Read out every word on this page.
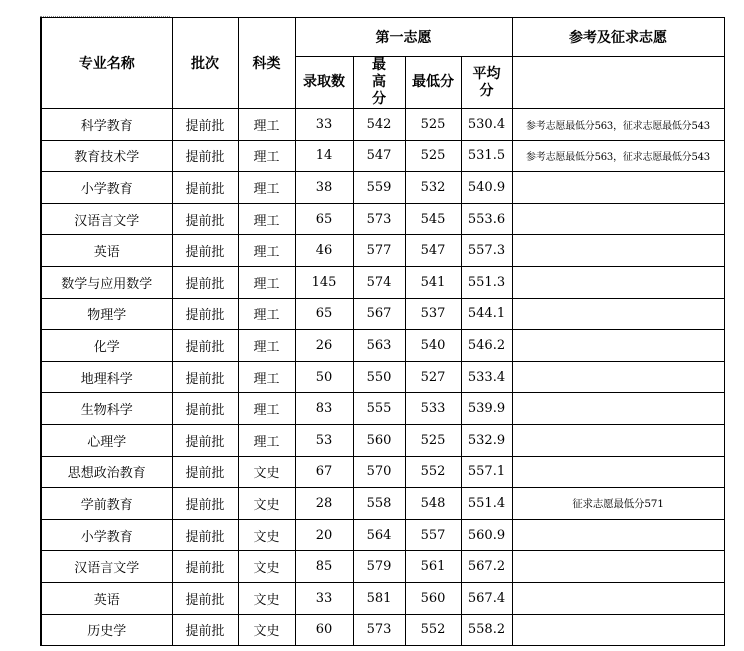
专业名称	批次	科类	第一志愿				参考及征求志愿
			录取数	最高分	最低分	平均分	
科学教育	提前批	理工	33	542	525	530.4	参考志愿最低分563，征求志愿最低分543
教育技术学	提前批	理工	14	547	525	531.5	参考志愿最低分563，征求志愿最低分543
小学教育	提前批	理工	38	559	532	540.9	
汉语言文学	提前批	理工	65	573	545	553.6	
英语	提前批	理工	46	577	547	557.3	
数学与应用数学	提前批	理工	145	574	541	551.3	
物理学	提前批	理工	65	567	537	544.1	
化学	提前批	理工	26	563	540	546.2	
地理科学	提前批	理工	50	550	527	533.4	
生物科学	提前批	理工	83	555	533	539.9	
心理学	提前批	理工	53	560	525	532.9	
思想政治教育	提前批	文史	67	570	552	557.1	
学前教育	提前批	文史	28	558	548	551.4	征求志愿最低分571
小学教育	提前批	文史	20	564	557	560.9	
汉语言文学	提前批	文史	85	579	561	567.2	
英语	提前批	文史	33	581	560	567.4	
历史学	提前批	文史	60	573	552	558.2	
